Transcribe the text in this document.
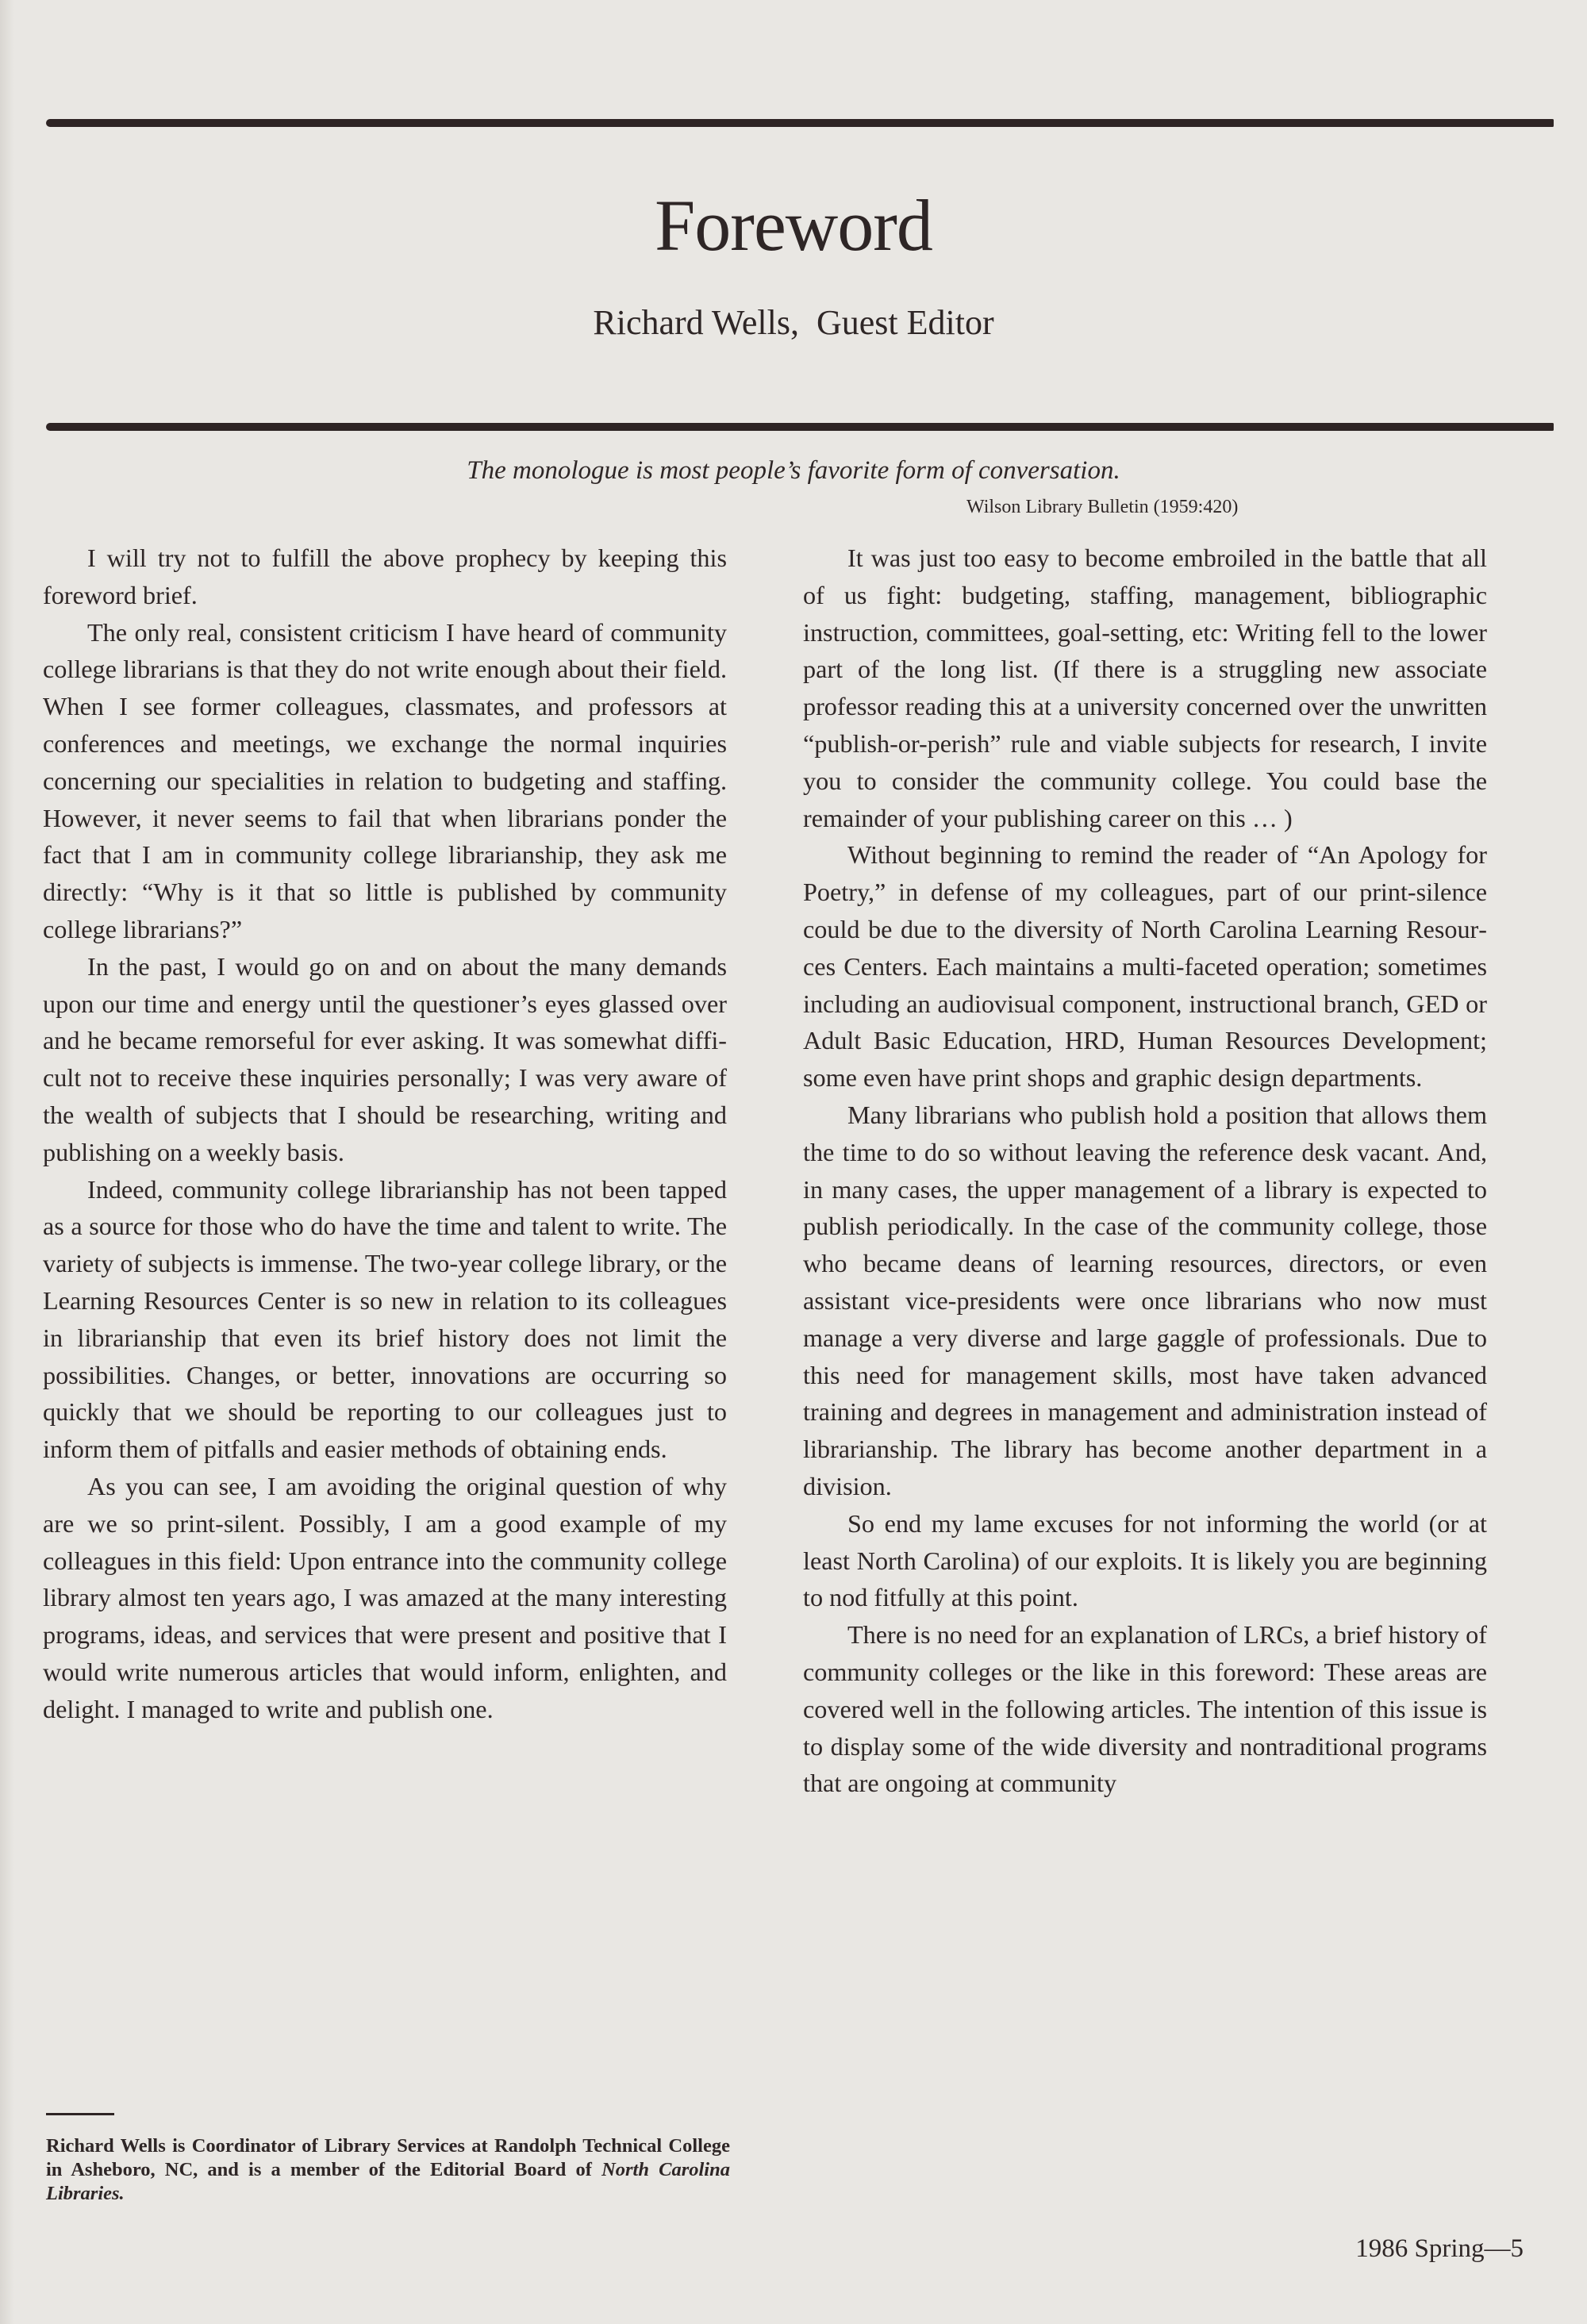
Foreword
Richard Wells, Guest Editor
The monologue is most people’s favorite form of conversation.
Wilson Library Bulletin (1959:420)

I will try not to fulfill the above prophecy by keeping this foreword brief.

The only real, consistent criticism I have heard of community college librarians is that they do not write enough about their field. When I see former colleagues, classmates, and professors at conferences and meetings, we exchange the normal inquiries concerning our specialities in relation to budgeting and staffing. However, it never seems to fail that when librarians ponder the fact that I am in community college librarianship, they ask me directly: “Why is it that so little is published by community college librarians?”

In the past, I would go on and on about the many demands upon our time and energy until the questioner’s eyes glassed over and he became remorseful for ever asking. It was somewhat difficult not to receive these inquiries personally; I was very aware of the wealth of subjects that I should be researching, writing and publishing on a weekly basis.

Indeed, community college librarianship has not been tapped as a source for those who do have the time and talent to write. The variety of subjects is immense. The two-year college library, or the Learning Resources Center is so new in relation to its colleagues in librarianship that even its brief history does not limit the possibilities. Changes, or better, innovations are occurring so quickly that we should be reporting to our colleagues just to inform them of pitfalls and easier methods of obtaining ends.

As you can see, I am avoiding the original question of why are we so print-silent. Possibly, I am a good example of my colleagues in this field: Upon entrance into the community college library almost ten years ago, I was amazed at the many interesting programs, ideas, and services that were present and positive that I would write numerous articles that would inform, enlighten, and delight. I managed to write and publish one.

It was just too easy to become embroiled in the battle that all of us fight: budgeting, staffing, management, bibliographic instruction, committees, goal-setting, etc: Writing fell to the lower part of the long list. (If there is a struggling new associate professor reading this at a university concerned over the unwritten “publish-or-perish” rule and viable subjects for research, I invite you to consider the community college. You could base the remainder of your publishing career on this … )

Without beginning to remind the reader of “An Apology for Poetry,” in defense of my colleagues, part of our print-silence could be due to the diversity of North Carolina Learning Resources Centers. Each maintains a multi-faceted operation; sometimes including an audiovisual component, instructional branch, GED or Adult Basic Education, HRD, Human Resources Development; some even have print shops and graphic design departments.

Many librarians who publish hold a position that allows them the time to do so without leaving the reference desk vacant. And, in many cases, the upper management of a library is expected to publish periodically. In the case of the community college, those who became deans of learning resources, directors, or even assistant vice-presidents were once librarians who now must manage a very diverse and large gaggle of professionals. Due to this need for management skills, most have taken advanced training and degrees in management and administration instead of librarianship. The library has become another department in a division.

So end my lame excuses for not informing the world (or at least North Carolina) of our exploits. It is likely you are beginning to nod fitfully at this point.

There is no need for an explanation of LRCs, a brief history of community colleges or the like in this foreword: These areas are covered well in the following articles. The intention of this issue is to display some of the wide diversity and nontraditional programs that are ongoing at community

Richard Wells is Coordinator of Library Services at Randolph Technical College in Asheboro, NC, and is a member of the Editorial Board of North Carolina Libraries.
1986 Spring—5
